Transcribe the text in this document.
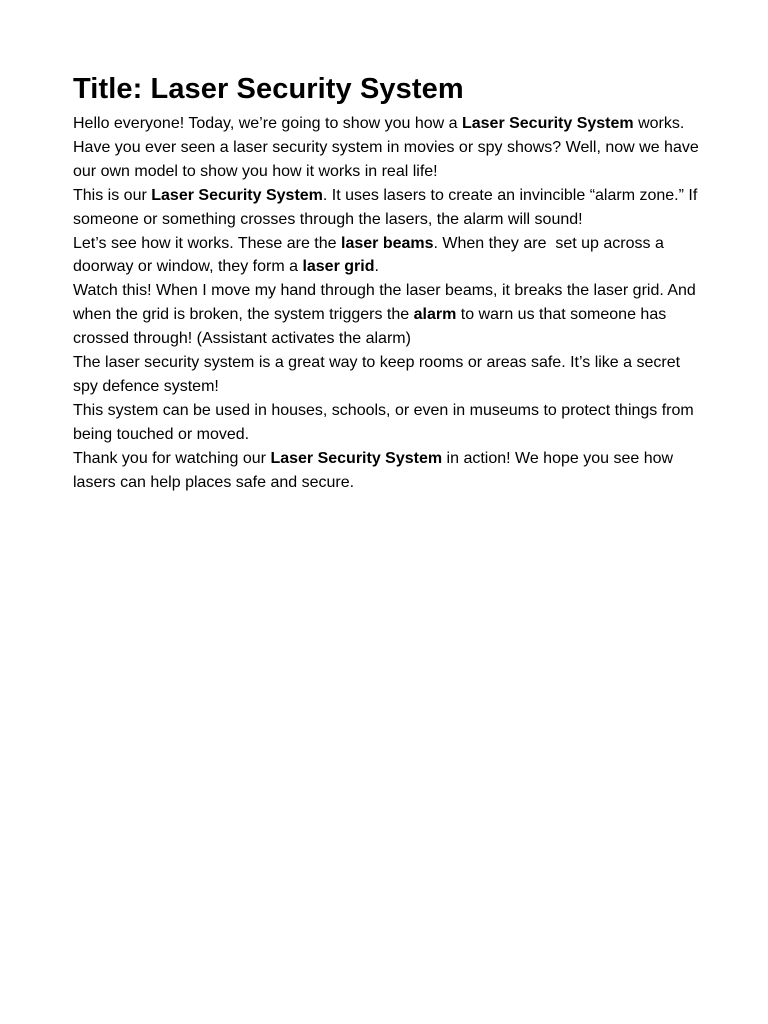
Title: Laser Security System

Hello everyone! Today, we’re going to show you how a Laser Security System works. Have you ever seen a laser security system in movies or spy shows? Well, now we have our own model to show you how it works in real life!

This is our Laser Security System. It uses lasers to create an invincible “alarm zone.” If someone or something crosses through the lasers, the alarm will sound!

Let’s see how it works. These are the laser beams. When they are  set up across a doorway or window, they form a laser grid.

Watch this! When I move my hand through the laser beams, it breaks the laser grid. And when the grid is broken, the system triggers the alarm to warn us that someone has crossed through! (Assistant activates the alarm)

The laser security system is a great way to keep rooms or areas safe. It’s like a secret spy defence system!

This system can be used in houses, schools, or even in museums to protect things from being touched or moved.

Thank you for watching our Laser Security System in action! We hope you see how lasers can help places safe and secure.
